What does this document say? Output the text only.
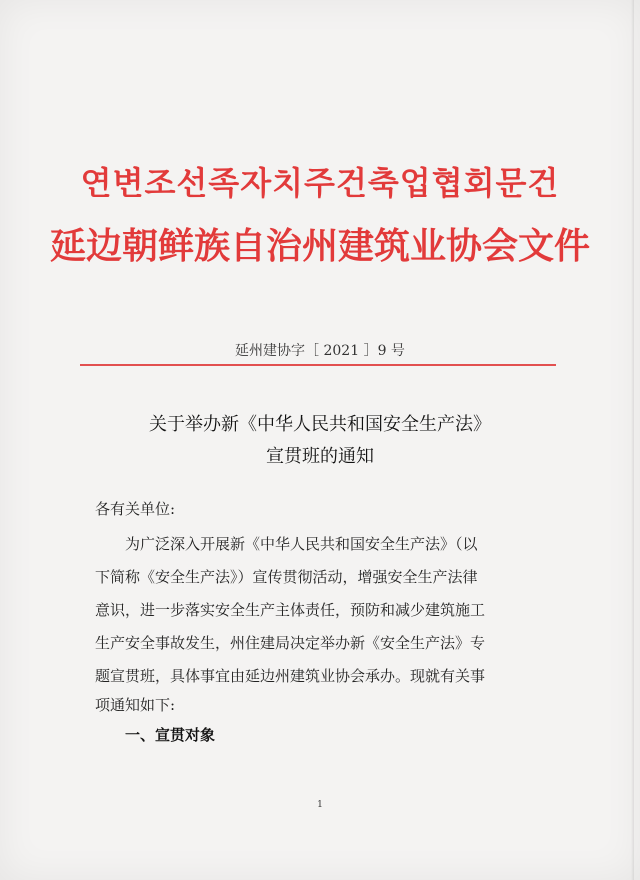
연변조선족자치주건축업협회문건
延边朝鲜族自治州建筑业协会文件
延州建协字［ 2021 ］9 号
关于举办新《中华人民共和国安全生产法》
宣贯班的通知
各有关单位:
　　为广泛深入开展新《中华人民共和国安全生产法》（以
下简称《安全生产法》）宣传贯彻活动，增强安全生产法律
意识，进一步落实安全生产主体责任，预防和减少建筑施工
生产安全事故发生，州住建局决定举办新《安全生产法》专
题宣贯班，具体事宜由延边州建筑业协会承办。现就有关事
项通知如下:
一、宣贯对象
1
